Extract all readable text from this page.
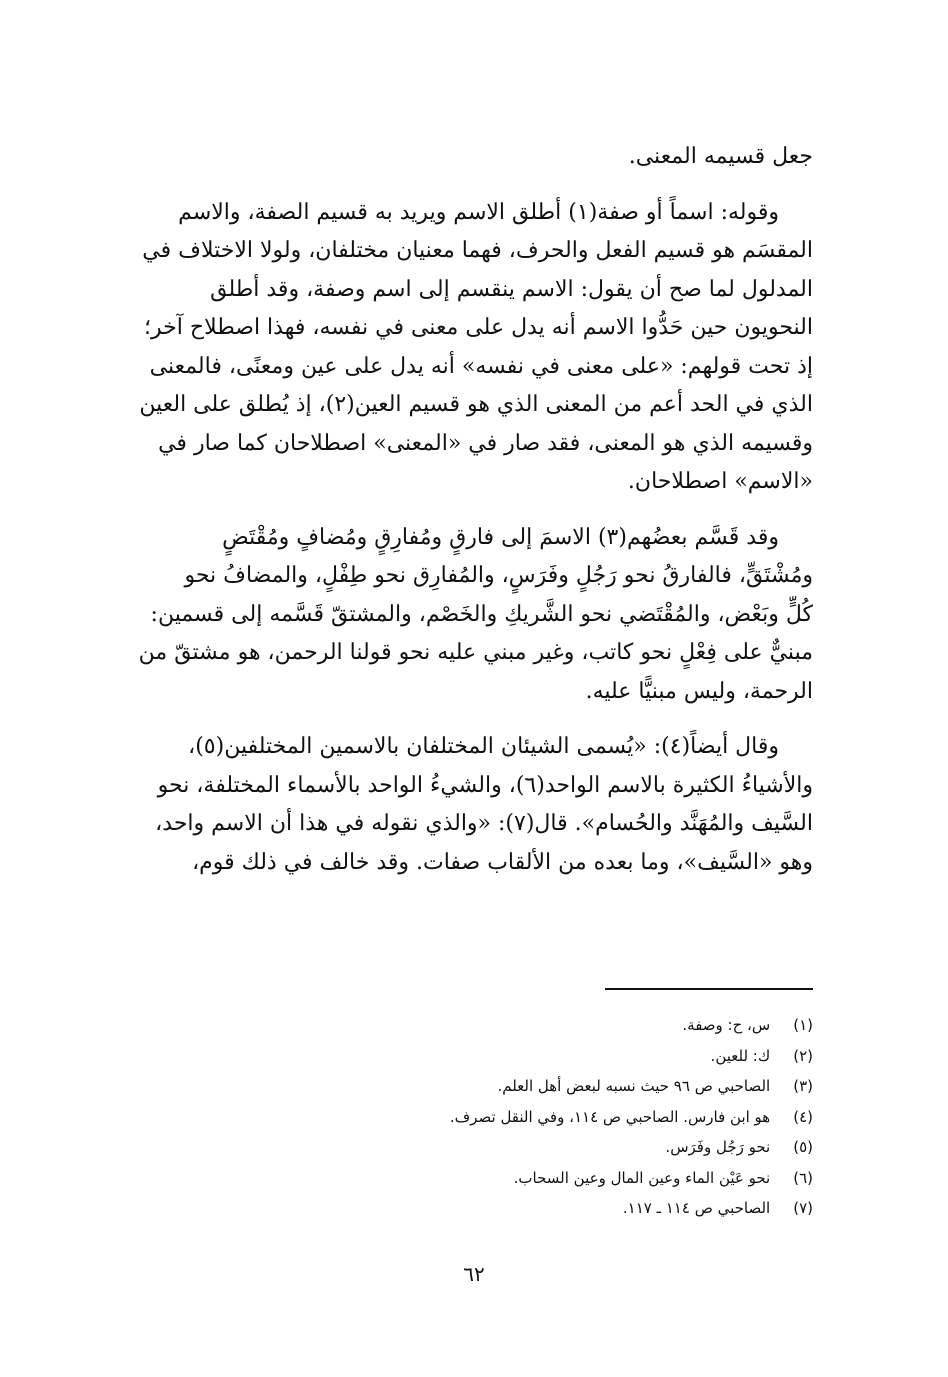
جعل قسيمه المعنى.

وقوله: اسماً أو صفة(١) أطلق الاسم ويريد به قسيم الصفة، والاسم
المقسَم هو قسيم الفعل والحرف، فهما معنيان مختلفان، ولولا الاختلاف في
المدلول لما صح أن يقول: الاسم ينقسم إلى اسم وصفة، وقد أطلق
النحويون حين حَدُّوا الاسم أنه يدل على معنى في نفسه، فهذا اصطلاح آخر؛
إذ تحت قولهم: «على معنى في نفسه» أنه يدل على عين ومعنًى، فالمعنى
الذي في الحد أعم من المعنى الذي هو قسيم العين(٢)، إذ يُطلق على العين
وقسيمه الذي هو المعنى، فقد صار في «المعنى» اصطلاحان كما صار في
«الاسم» اصطلاحان.

وقد قَسَّم بعضُهم(٣) الاسمَ إلى فارقٍ ومُفارِقٍ ومُضافٍ ومُقْتَضٍ
ومُشْتَقٍّ، فالفارقُ نحو رَجُلٍ وفَرَسٍ، والمُفارِق نحو طِفْلٍ، والمضافُ نحو
كُلٍّ وبَعْض، والمُقْتَضي نحو الشَّريكِ والخَصْم، والمشتقّ قَسَّمه إلى قسمين:
مبنيٌّ على فِعْلٍ نحو كاتب، وغير مبني عليه نحو قولنا الرحمن، هو مشتقّ من
الرحمة، وليس مبنيًّا عليه.

وقال أيضاً(٤): «يُسمى الشيئان المختلفان بالاسمين المختلفين(٥)،
والأشياءُ الكثيرة بالاسم الواحد(٦)، والشيءُ الواحد بالأسماء المختلفة، نحو
السَّيف والمُهَنَّد والحُسام». قال(٧): «والذي نقوله في هذا أن الاسم واحد،
وهو «السَّيف»، وما بعده من الألقاب صفات. وقد خالف في ذلك قوم،

(١) س، ح: وصفة.
(٢) ك: للعين.
(٣) الصاحبي ص ٩٦ حيث نسبه لبعض أهل العلم.
(٤) هو ابن فارس. الصاحبي ص ١١٤، وفي النقل تصرف.
(٥) نحو رَجُل وفَرَس.
(٦) نحو عَيْن الماء وعين المال وعين السحاب.
(٧) الصاحبي ص ١١٤ ـ ١١٧.
٦٢
